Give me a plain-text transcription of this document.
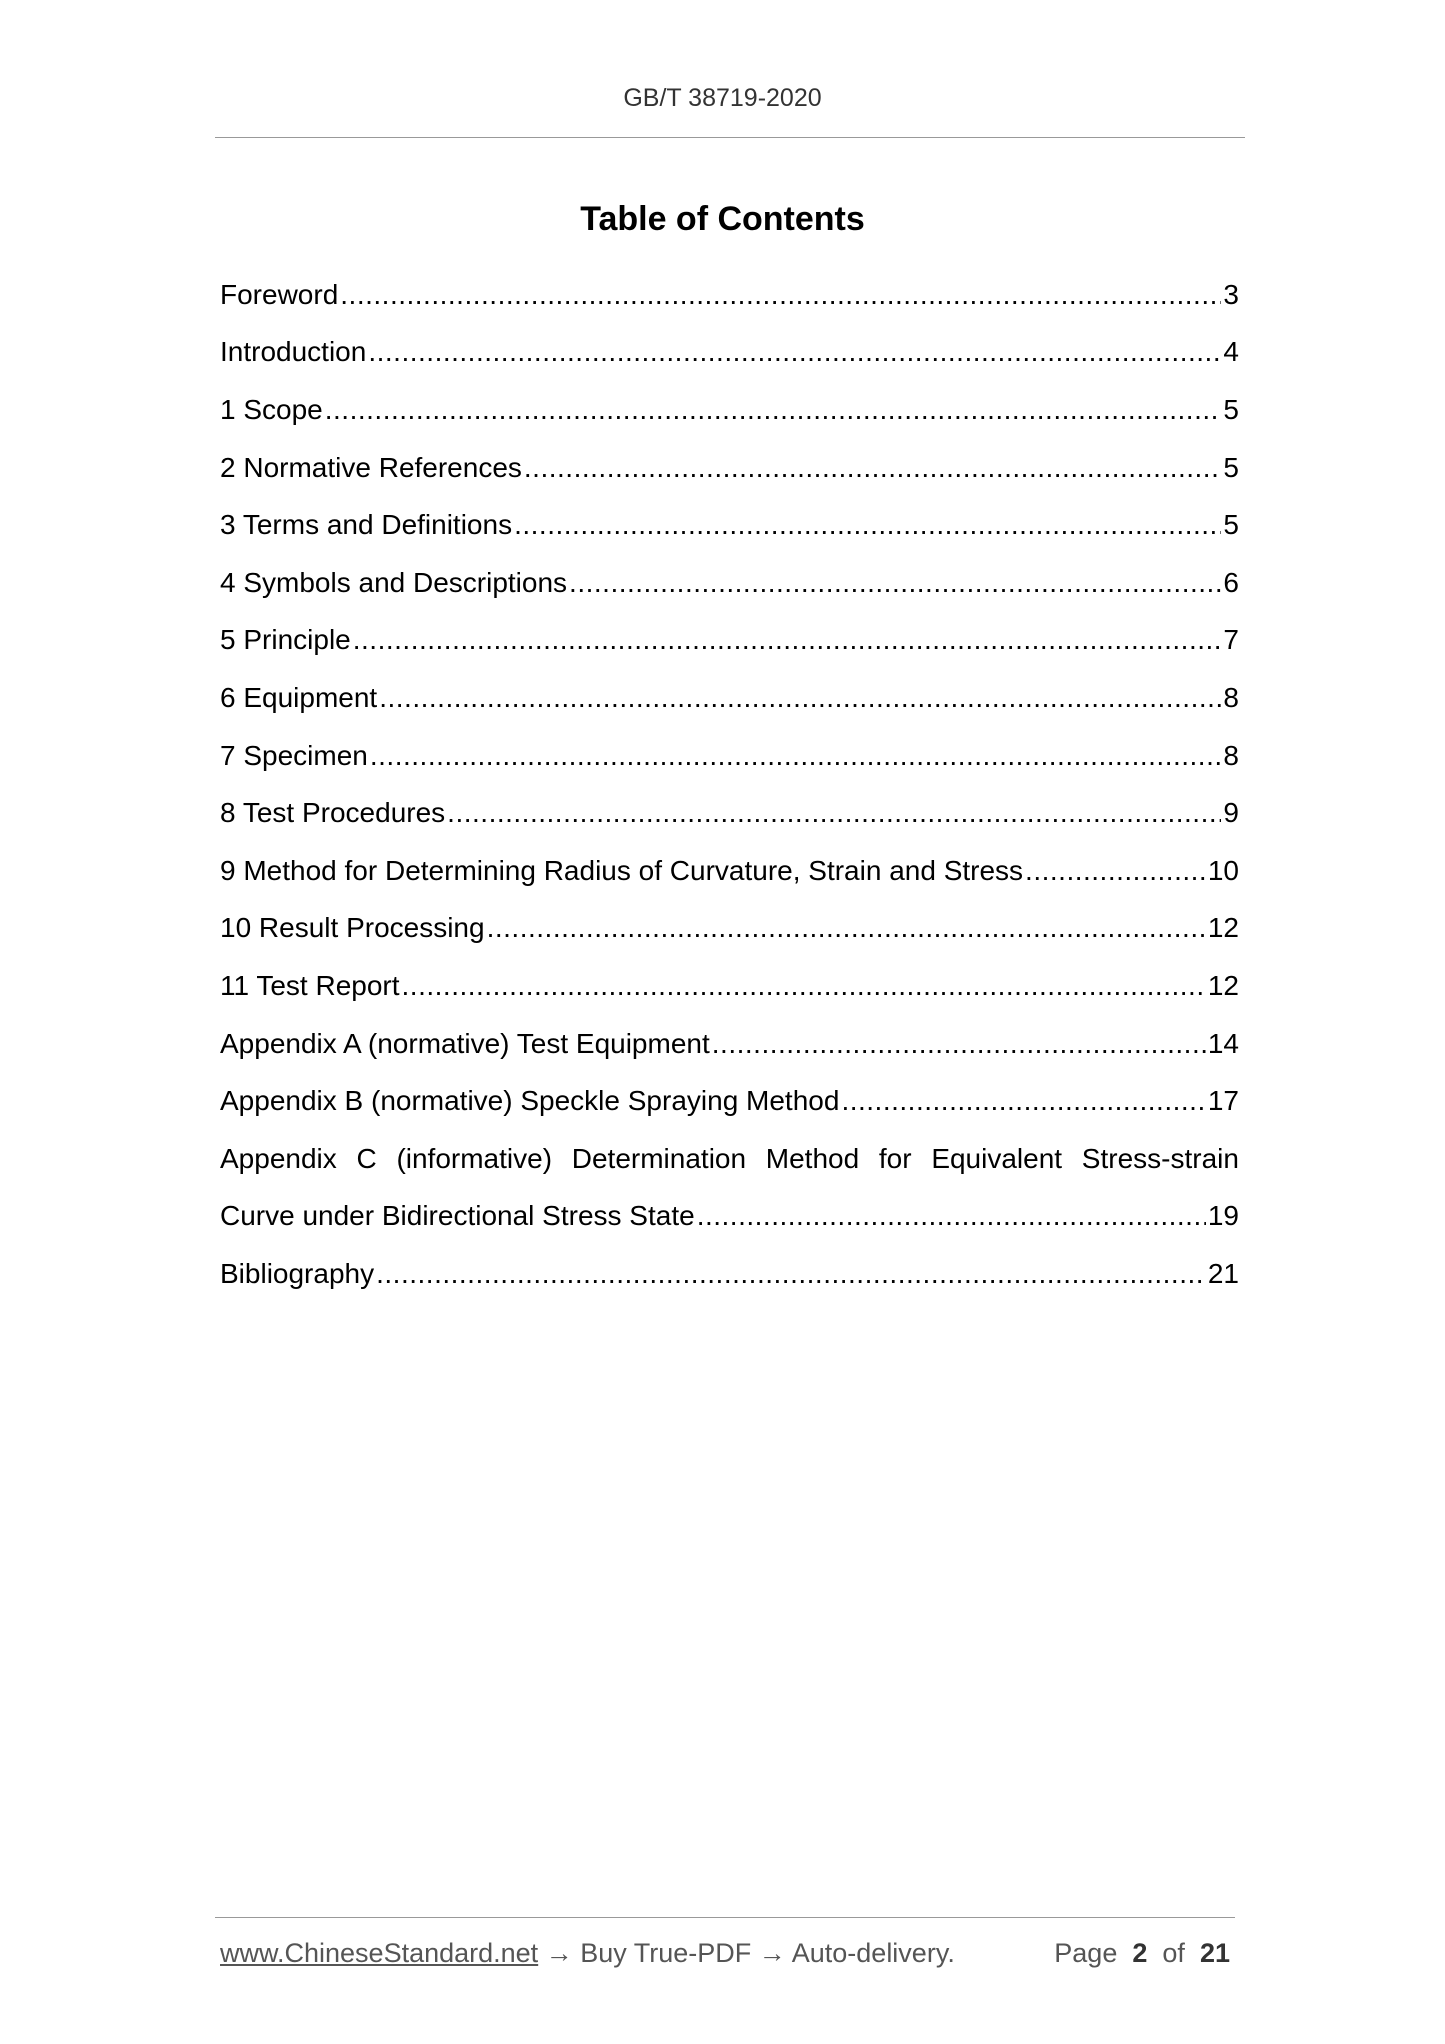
GB/T 38719-2020
Table of Contents
Foreword .....	3
Introduction .....	4
1 Scope .....	5
2 Normative References .....	5
3 Terms and Definitions .....	5
4 Symbols and Descriptions .....	6
5 Principle .....	7
6 Equipment .....	8
7 Specimen .....	8
8 Test Procedures .....	9
9 Method for Determining Radius of Curvature, Strain and Stress .....	10
10 Result Processing .....	12
11 Test Report .....	12
Appendix A (normative) Test Equipment .....	14
Appendix B (normative) Speckle Spraying Method .....	17
Appendix C (informative) Determination Method for Equivalent Stress-strain
Curve under Bidirectional Stress State .....	19
Bibliography .....	21
www.ChineseStandard.net → Buy True-PDF → Auto-delivery.	Page 2 of 21
